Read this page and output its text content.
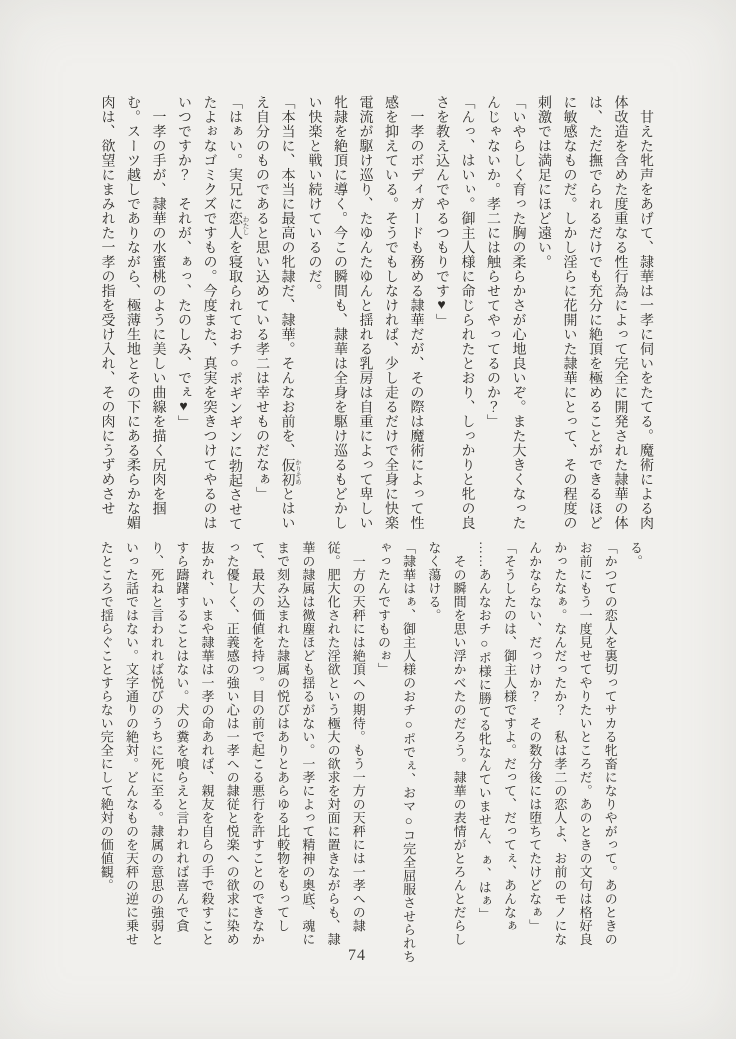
　甘えた牝声をあげて、隷華は一孝に伺いをたてる。魔術による肉
体改造を含めた度重なる性行為によって完全に開発された隷華の体
は、ただ撫でられるだけでも充分に絶頂を極めることができるほど
に敏感なものだ。しかし淫らに花開いた隷華にとって、その程度の
刺激では満足にほど遠い。
「いやらしく育った胸の柔らかさが心地良いぞ。また大きくなった
んじゃないか。孝二には触らせてやってるのか？」
「んっ、はいぃ。御主人様に命じられたとおり、しっかりと牝の良
さを教え込んでやるつもりです♥」
　一孝のボディガードも務める隷華だが、その際は魔術によって性
感を抑えている。そうでもしなければ、少し走るだけで全身に快楽
電流が駆け巡り、たゆんたゆんと揺れる乳房は自重によって卑しい
牝隷を絶頂に導く。今この瞬間も、隷華は全身を駆け巡るもどかし
い快楽と戦い続けているのだ。
「本当に、本当に最高の牝隷だ、隷華。そんなお前を、仮初 かりそめとはい
え自分のものであると思い込めている孝二は幸せものだなぁ」
「はぁい。実兄に恋人 わたしを寝取られておチ○ポギンギンに勃起させて
たよぉなゴミクズですもの。今度また、真実を突きつけてやるのは
いつですか？　それが、ぁっ、たのしみ、でぇ♥」
　一孝の手が、隷華の水蜜桃のように美しい曲線を描く尻肉を掴
む。スーツ越しでありながら、極薄生地とその下にある柔らかな媚
肉は、欲望にまみれた一孝の指を受け入れ、その肉にうずめさせ
る。
「かつての恋人を裏切ってサカる牝畜になりやがって。あのときの
お前にもう一度見せてやりたいところだ。あのときの文句は格好良
かったなぁ。なんだったか？　私は孝二の恋人よ、お前のモノにな
んかならない、だっけか？　その数分後には堕ちてたけどなぁ」
「そうしたのは、御主人様ですよ。だって、だってぇ、あんなぁ
……あんなおチ○ポ様に勝てる牝なんていません、ぁ、はぁ」
　その瞬間を思い浮かべたのだろう。隷華の表情がとろんとだらし
なく蕩ける。
「隷華はぁ、御主人様のおチ○ポでぇ、おマ○コ完全屈服させられち
ゃったんですものぉ」
　一方の天秤には絶頂への期待。もう一方の天秤には一孝への隷
従。肥大化された淫欲という極大の欲求を対面に置きながらも、隷
華の隷属は微塵ほども揺るがない。一孝によって精神の奥底、魂に
まで刻み込まれた隷属の悦びはありとあらゆる比較物をもってし
て、最大の価値を持つ。目の前で起こる悪行を許すことのできなか
った優しく、正義感の強い心は一孝への隷従と悦楽への欲求に染め
抜かれ、いまや隷華は一孝の命あれば、親友を自らの手で殺すこと
すら躊躇することはない。犬の糞を喰らえと言われれば喜んで貪
り、死ねと言われれば悦びのうちに死に至る。隷属の意思の強弱と
いった話ではない。文字通りの絶対。どんなものを天秤の逆に乗せ
たところで揺らぐことすらない完全にして絶対の価値観。
74
